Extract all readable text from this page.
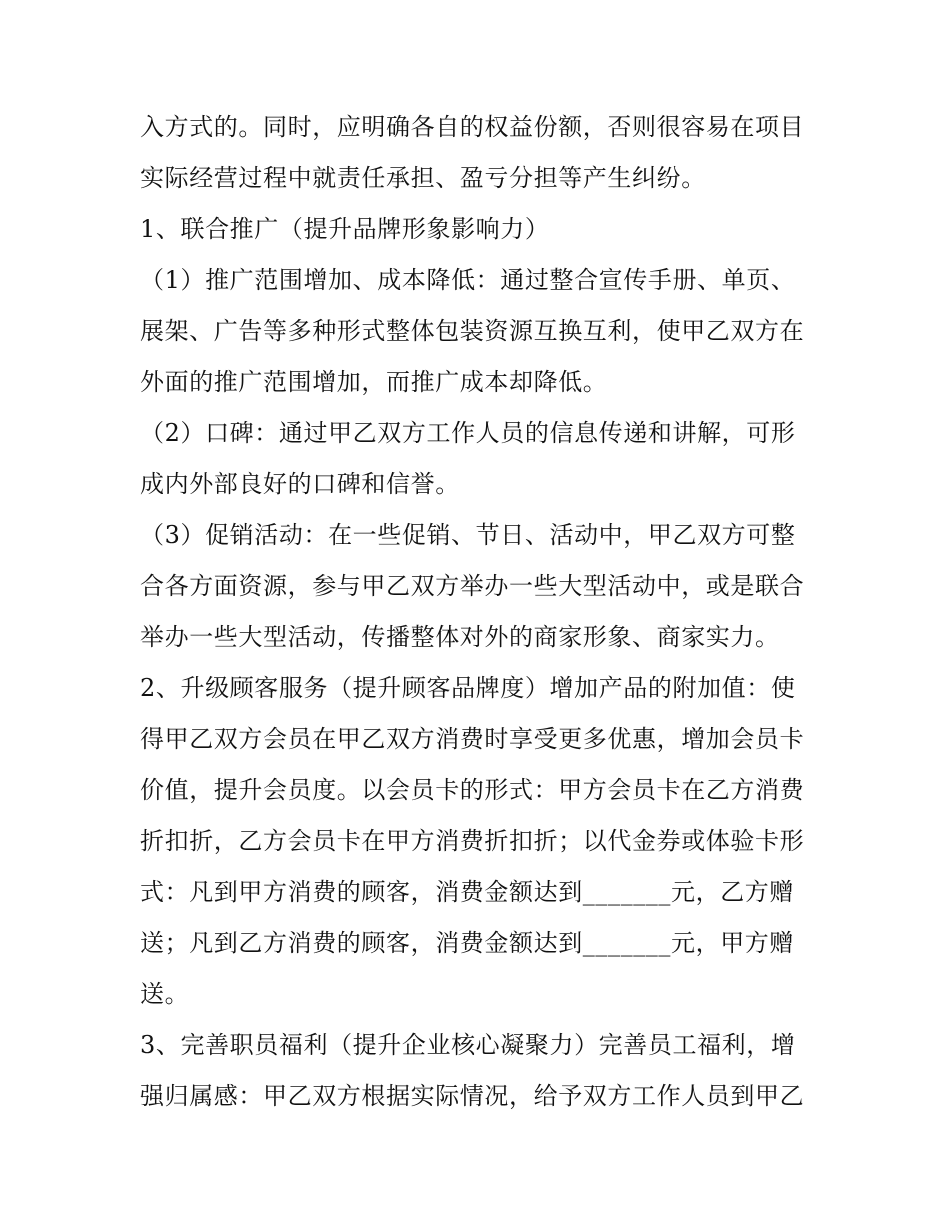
入方式的。同时，应明确各自的权益份额，否则很容易在项目
实际经营过程中就责任承担、盈亏分担等产生纠纷。
1、联合推广（提升品牌形象影响力）
（1）推广范围增加、成本降低：通过整合宣传手册、单页、
展架、广告等多种形式整体包装资源互换互利，使甲乙双方在
外面的推广范围增加，而推广成本却降低。
（2）口碑：通过甲乙双方工作人员的信息传递和讲解，可形
成内外部良好的口碑和信誉。
（3）促销活动：在一些促销、节日、活动中，甲乙双方可整
合各方面资源，参与甲乙双方举办一些大型活动中，或是联合
举办一些大型活动，传播整体对外的商家形象、商家实力。
2、升级顾客服务（提升顾客品牌度）增加产品的附加值：使
得甲乙双方会员在甲乙双方消费时享受更多优惠，增加会员卡
价值，提升会员度。以会员卡的形式：甲方会员卡在乙方消费
折扣折，乙方会员卡在甲方消费折扣折；以代金券或体验卡形
式：凡到甲方消费的顾客，消费金额达到_______元，乙方赠
送；凡到乙方消费的顾客，消费金额达到_______元，甲方赠
送。
3、完善职员福利（提升企业核心凝聚力）完善员工福利，增
强归属感：甲乙双方根据实际情况，给予双方工作人员到甲乙
